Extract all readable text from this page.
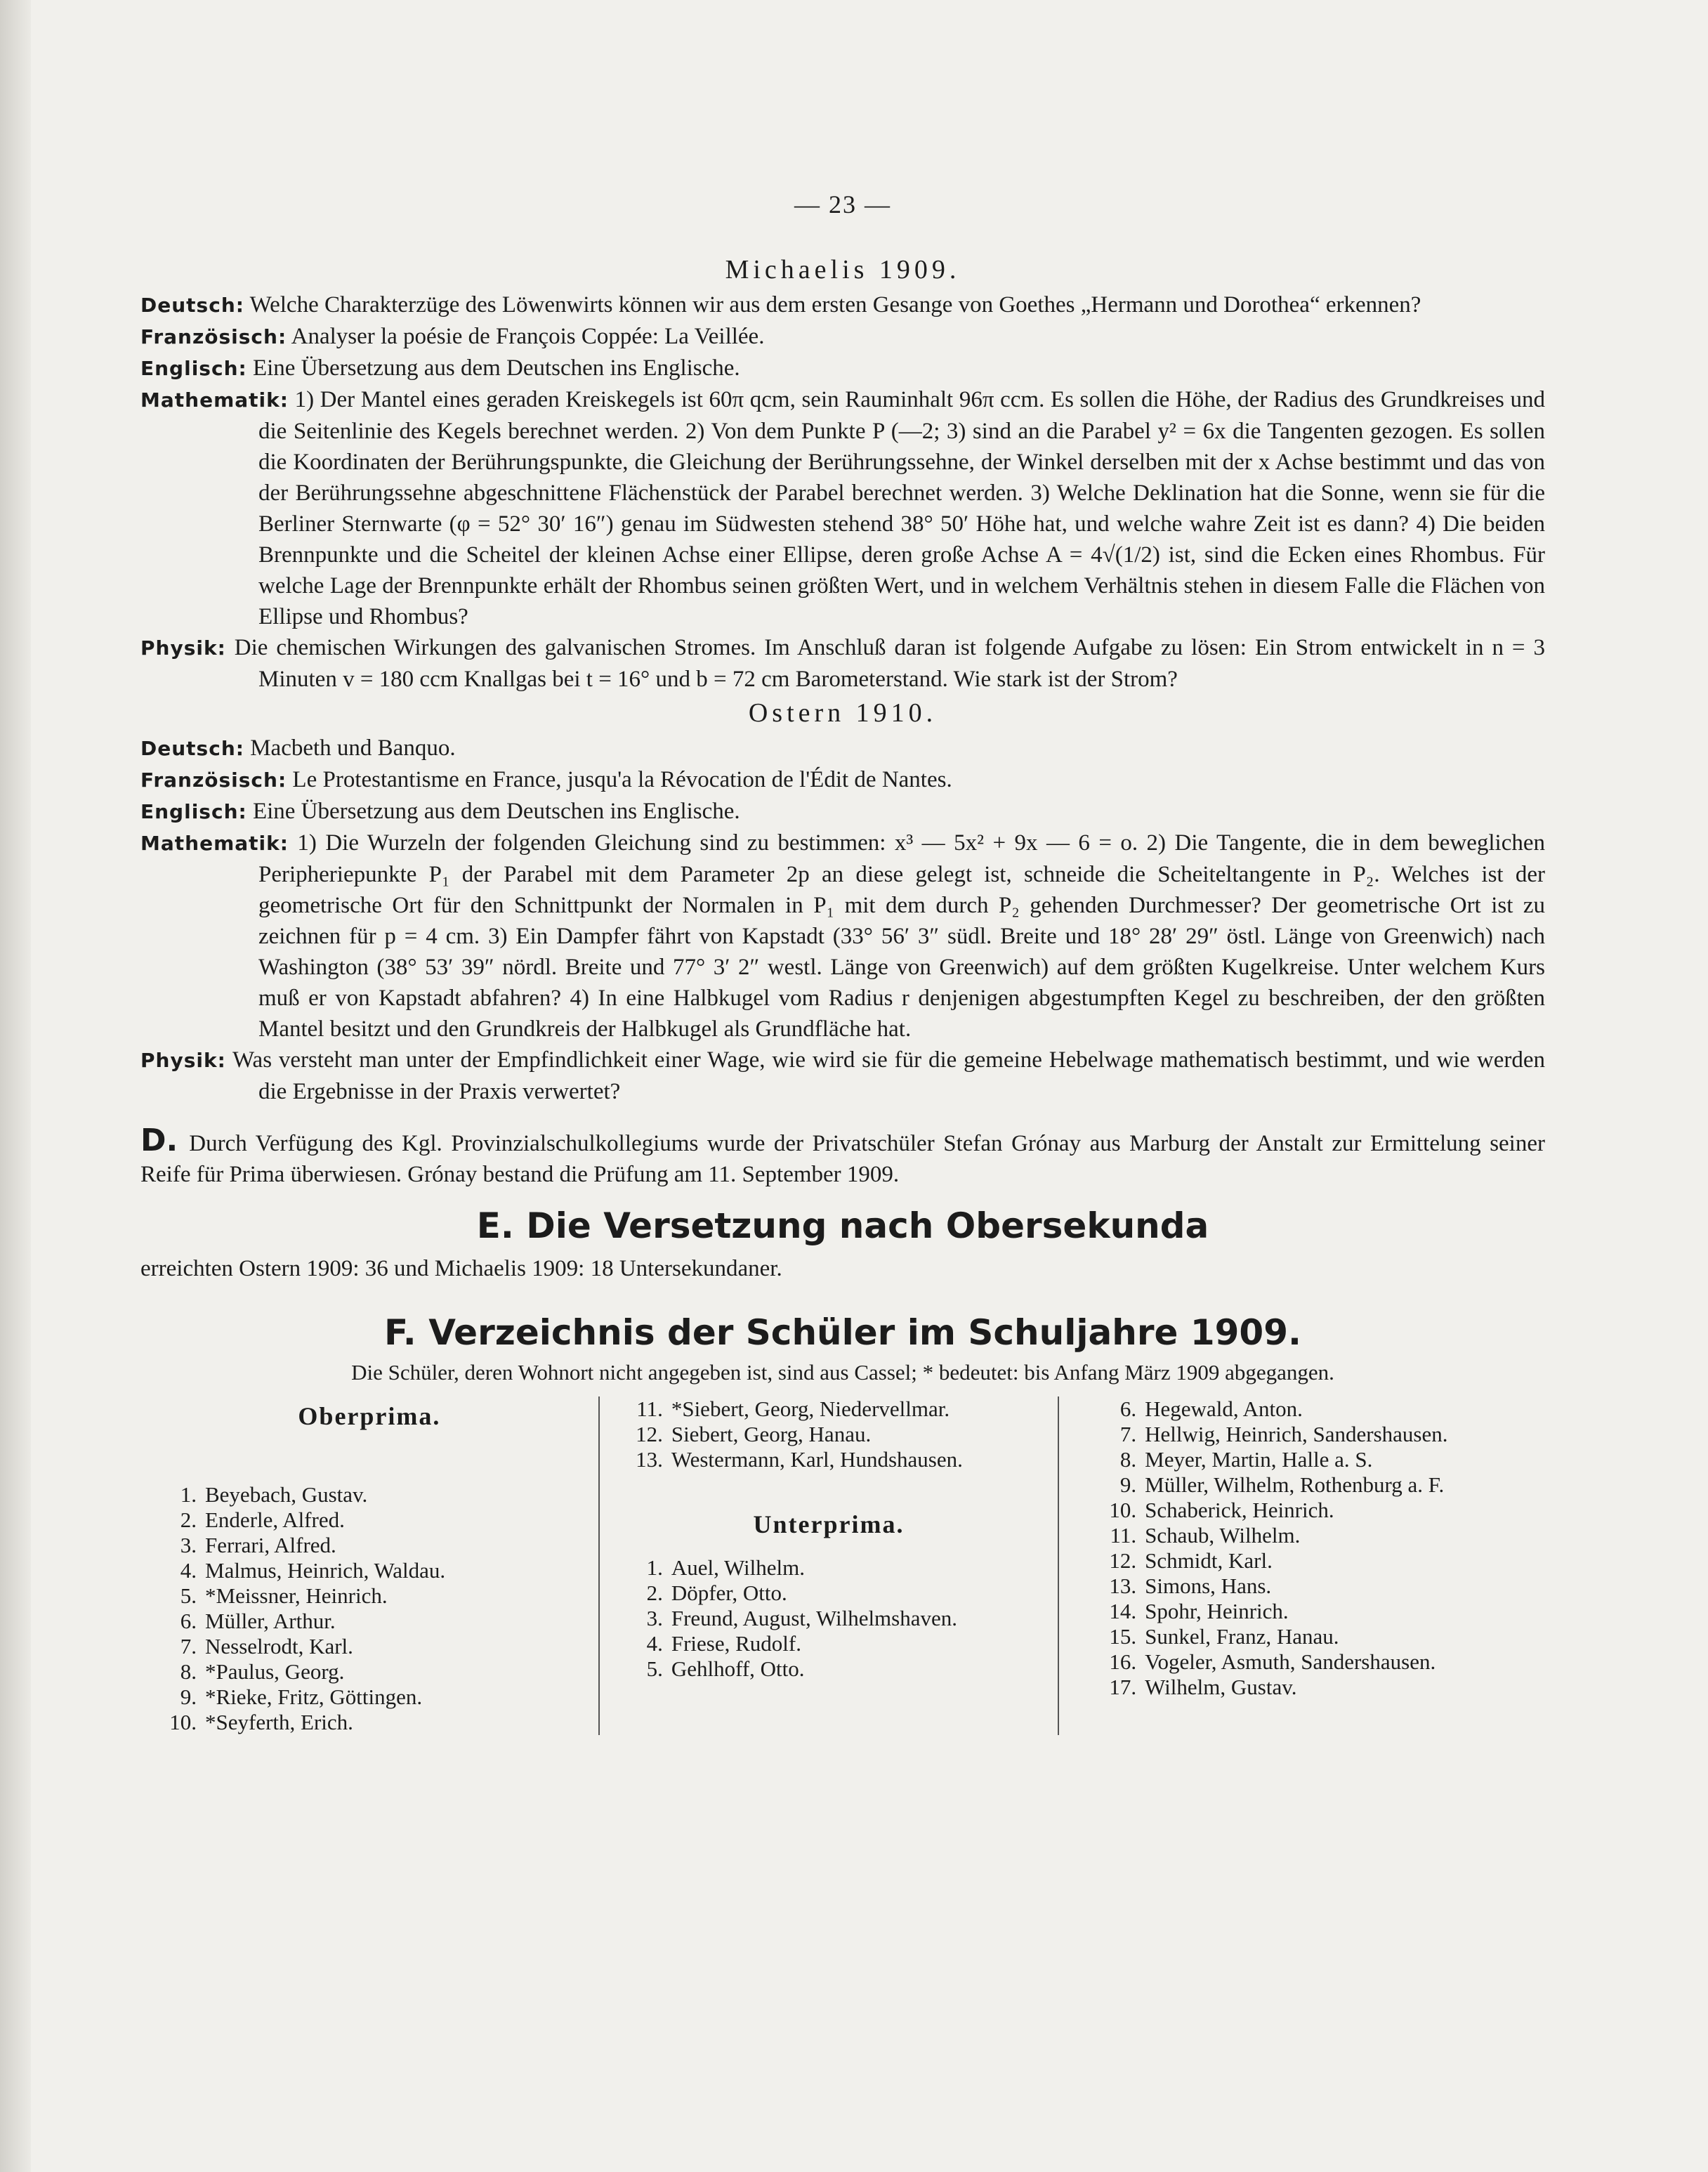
— 23 —
Michaelis 1909.
Deutsch: Welche Charakterzüge des Löwenwirts können wir aus dem ersten Gesange von Goethes „Hermann und Dorothea“ erkennen?
Französisch: Analyser la poésie de François Coppée: La Veillée.
Englisch: Eine Übersetzung aus dem Deutschen ins Englische.
Mathematik: 1) Der Mantel eines geraden Kreiskegels ist 60π qcm, sein Rauminhalt 96π ccm. Es sollen die Höhe, der Radius des Grundkreises und die Seitenlinie des Kegels berechnet werden. 2) Von dem Punkte P (—2; 3) sind an die Parabel y² = 6x die Tangenten gezogen. Es sollen die Koordinaten der Berührungspunkte, die Gleichung der Berührungssehne, der Winkel derselben mit der x Achse bestimmt und das von der Berührungssehne abgeschnittene Flächenstück der Parabel berechnet werden. 3) Welche Deklination hat die Sonne, wenn sie für die Berliner Sternwarte (φ = 52° 30′ 16″) genau im Südwesten stehend 38° 50′ Höhe hat, und welche wahre Zeit ist es dann? 4) Die beiden Brennpunkte und die Scheitel der kleinen Achse einer Ellipse, deren große Achse A = 4√(1/2) ist, sind die Ecken eines Rhombus. Für welche Lage der Brennpunkte erhält der Rhombus seinen größten Wert, und in welchem Verhältnis stehen in diesem Falle die Flächen von Ellipse und Rhombus?
Physik: Die chemischen Wirkungen des galvanischen Stromes. Im Anschluß daran ist folgende Aufgabe zu lösen: Ein Strom entwickelt in n = 3 Minuten v = 180 ccm Knallgas bei t = 16° und b = 72 cm Barometerstand. Wie stark ist der Strom?
Ostern 1910.
Deutsch: Macbeth und Banquo.
Französisch: Le Protestantisme en France, jusqu'a la Révocation de l'Édit de Nantes.
Englisch: Eine Übersetzung aus dem Deutschen ins Englische.
Mathematik: 1) Die Wurzeln der folgenden Gleichung sind zu bestimmen: x³ — 5x² + 9x — 6 = o. 2) Die Tangente, die in dem beweglichen Peripheriepunkte P₁ der Parabel mit dem Parameter 2p an diese gelegt ist, schneide die Scheiteltangente in P₂. Welches ist der geometrische Ort für den Schnittpunkt der Normalen in P₁ mit dem durch P₂ gehenden Durchmesser? Der geometrische Ort ist zu zeichnen für p = 4 cm. 3) Ein Dampfer fährt von Kapstadt (33° 56′ 3″ südl. Breite und 18° 28′ 29″ östl. Länge von Greenwich) nach Washington (38° 53′ 39″ nördl. Breite und 77° 3′ 2″ westl. Länge von Greenwich) auf dem größten Kugelkreise. Unter welchem Kurs muß er von Kapstadt abfahren? 4) In eine Halbkugel vom Radius r denjenigen abgestumpften Kegel zu beschreiben, der den größten Mantel besitzt und den Grundkreis der Halbkugel als Grundfläche hat.
Physik: Was versteht man unter der Empfindlichkeit einer Wage, wie wird sie für die gemeine Hebelwage mathematisch bestimmt, und wie werden die Ergebnisse in der Praxis verwertet?
D. Durch Verfügung des Kgl. Provinzialschulkollegiums wurde der Privatschüler Stefan Grónay aus Marburg der Anstalt zur Ermittelung seiner Reife für Prima überwiesen. Grónay bestand die Prüfung am 11. September 1909.
E. Die Versetzung nach Obersekunda
erreichten Ostern 1909: 36 und Michaelis 1909: 18 Untersekundaner.
F. Verzeichnis der Schüler im Schuljahre 1909.
Die Schüler, deren Wohnort nicht angegeben ist, sind aus Cassel; * bedeutet: bis Anfang März 1909 abgegangen.
Oberprima.
1. Beyebach, Gustav.
2. Enderle, Alfred.
3. Ferrari, Alfred.
4. Malmus, Heinrich, Waldau.
5. *Meissner, Heinrich.
6. Müller, Arthur.
7. Nesselrodt, Karl.
8. *Paulus, Georg.
9. *Rieke, Fritz, Göttingen.
10. *Seyferth, Erich.
11. *Siebert, Georg, Niedervellmar.
12. Siebert, Georg, Hanau.
13. Westermann, Karl, Hundshausen.
Unterprima.
1. Auel, Wilhelm.
2. Döpfer, Otto.
3. Freund, August, Wilhelmshaven.
4. Friese, Rudolf.
5. Gehlhoff, Otto.
6. Hegewald, Anton.
7. Hellwig, Heinrich, Sandershausen.
8. Meyer, Martin, Halle a. S.
9. Müller, Wilhelm, Rothenburg a. F.
10. Schaberick, Heinrich.
11. Schaub, Wilhelm.
12. Schmidt, Karl.
13. Simons, Hans.
14. Spohr, Heinrich.
15. Sunkel, Franz, Hanau.
16. Vogeler, Asmuth, Sandershausen.
17. Wilhelm, Gustav.
